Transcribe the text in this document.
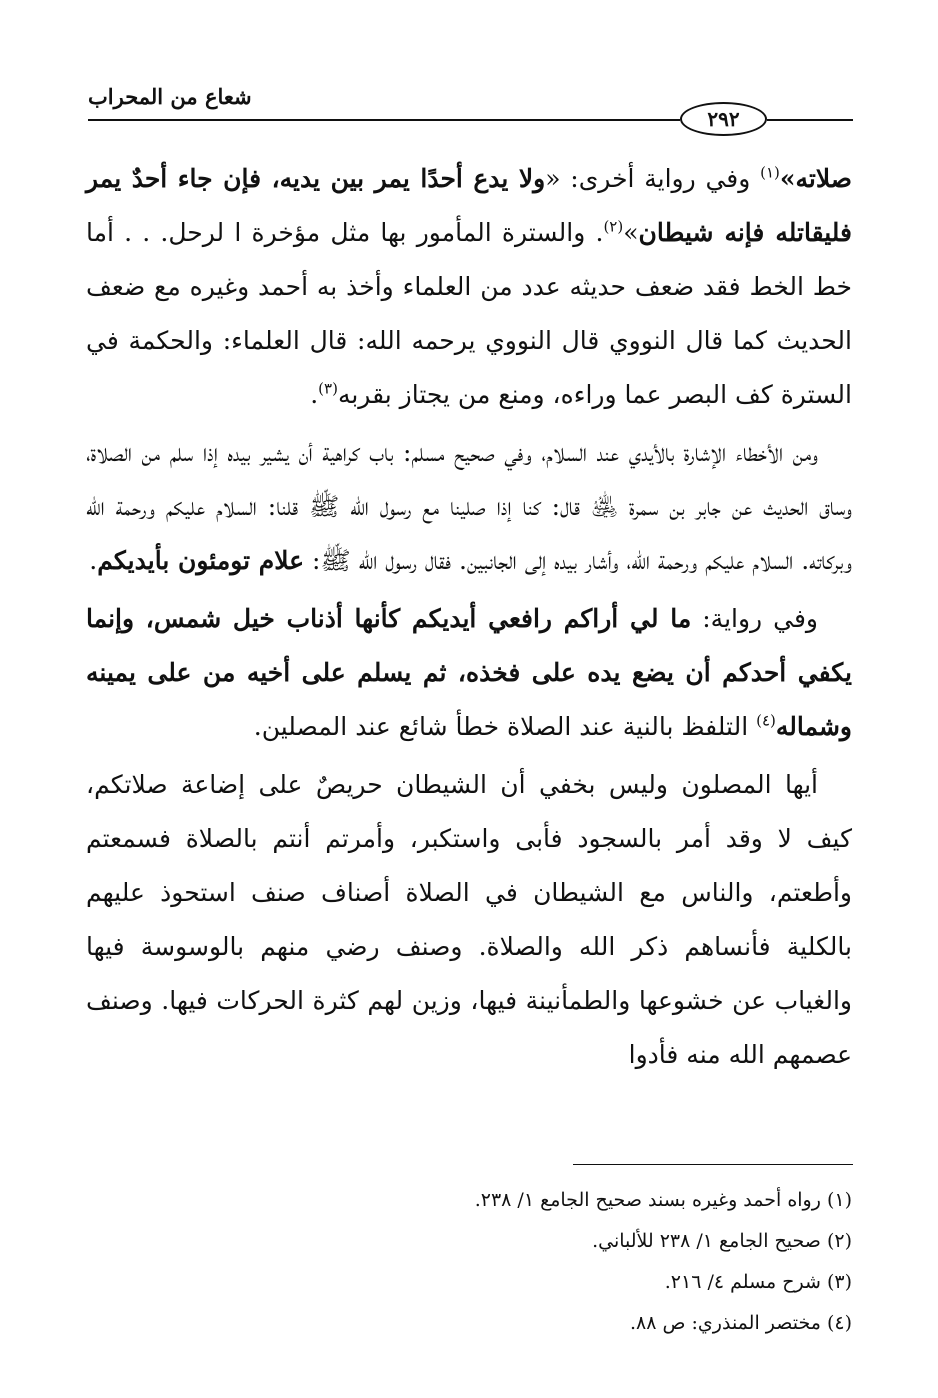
شعاع من المحراب
٢٩٢

صلاته»$^{(١)}$ وفي رواية أخرى: «ولا يدع أحدًا يمر بين يديه، فإن جاء أحدٌ يمر فليقاتله فإنه شيطان»$^{(٢)}$. والسترة المأمور بها مثل مؤخرة ا لرحل. . . أما خط الخط فقد ضعف حديثه عدد من العلماء وأخذ به أحمد وغيره مع ضعف الحديث كما قال النووي قال النووي يرحمه الله: قال العلماء: والحكمة في السترة كف البصر عما وراءه، ومنع من يجتاز بقربه$^{(٣)}$.

ومن الأخطاء الإشارة بالأيدي عند السلام، وفي صحيح مسلم: باب كراهية أن يشير بيده إذا سلم من الصلاة، وساق الحديث عن جابر بن سمرة ﵁ قال: كنا إذا صلينا مع رسول الله ﷺ قلنا: السلام عليكم ورحمة الله وبركاته. السلام عليكم ورحمة الله، وأشار بيده إلى الجانبين. فقال رسول الله ﷺ: علام تومئون بأيديكم.

وفي رواية: ما لي أراكم رافعي أيديكم كأنها أذناب خيل شمس، وإنما يكفي أحدكم أن يضع يده على فخذه، ثم يسلم على أخيه من على يمينه وشماله$^{(٤)}$ التلفظ بالنية عند الصلاة خطأ شائع عند المصلين.

أيها المصلون وليس بخفي أن الشيطان حريصٌ على إضاعة صلاتكم، كيف لا وقد أمر بالسجود فأبى واستكبر، وأمرتم أنتم بالصلاة فسمعتم وأطعتم، والناس مع الشيطان في الصلاة أصناف صنف استحوذ عليهم بالكلية فأنساهم ذكر الله والصلاة. وصنف رضي منهم بالوسوسة فيها والغياب عن خشوعها والطمأنينة فيها، وزين لهم كثرة الحركات فيها. وصنف عصمهم الله منه فأدوا

(١) رواه أحمد وغيره بسند صحيح الجامع ١/ ٢٣٨.
(٢) صحيح الجامع ١/ ٢٣٨ للألباني.
(٣) شرح مسلم ٤/ ٢١٦.
(٤) مختصر المنذري: ص ٨٨.
